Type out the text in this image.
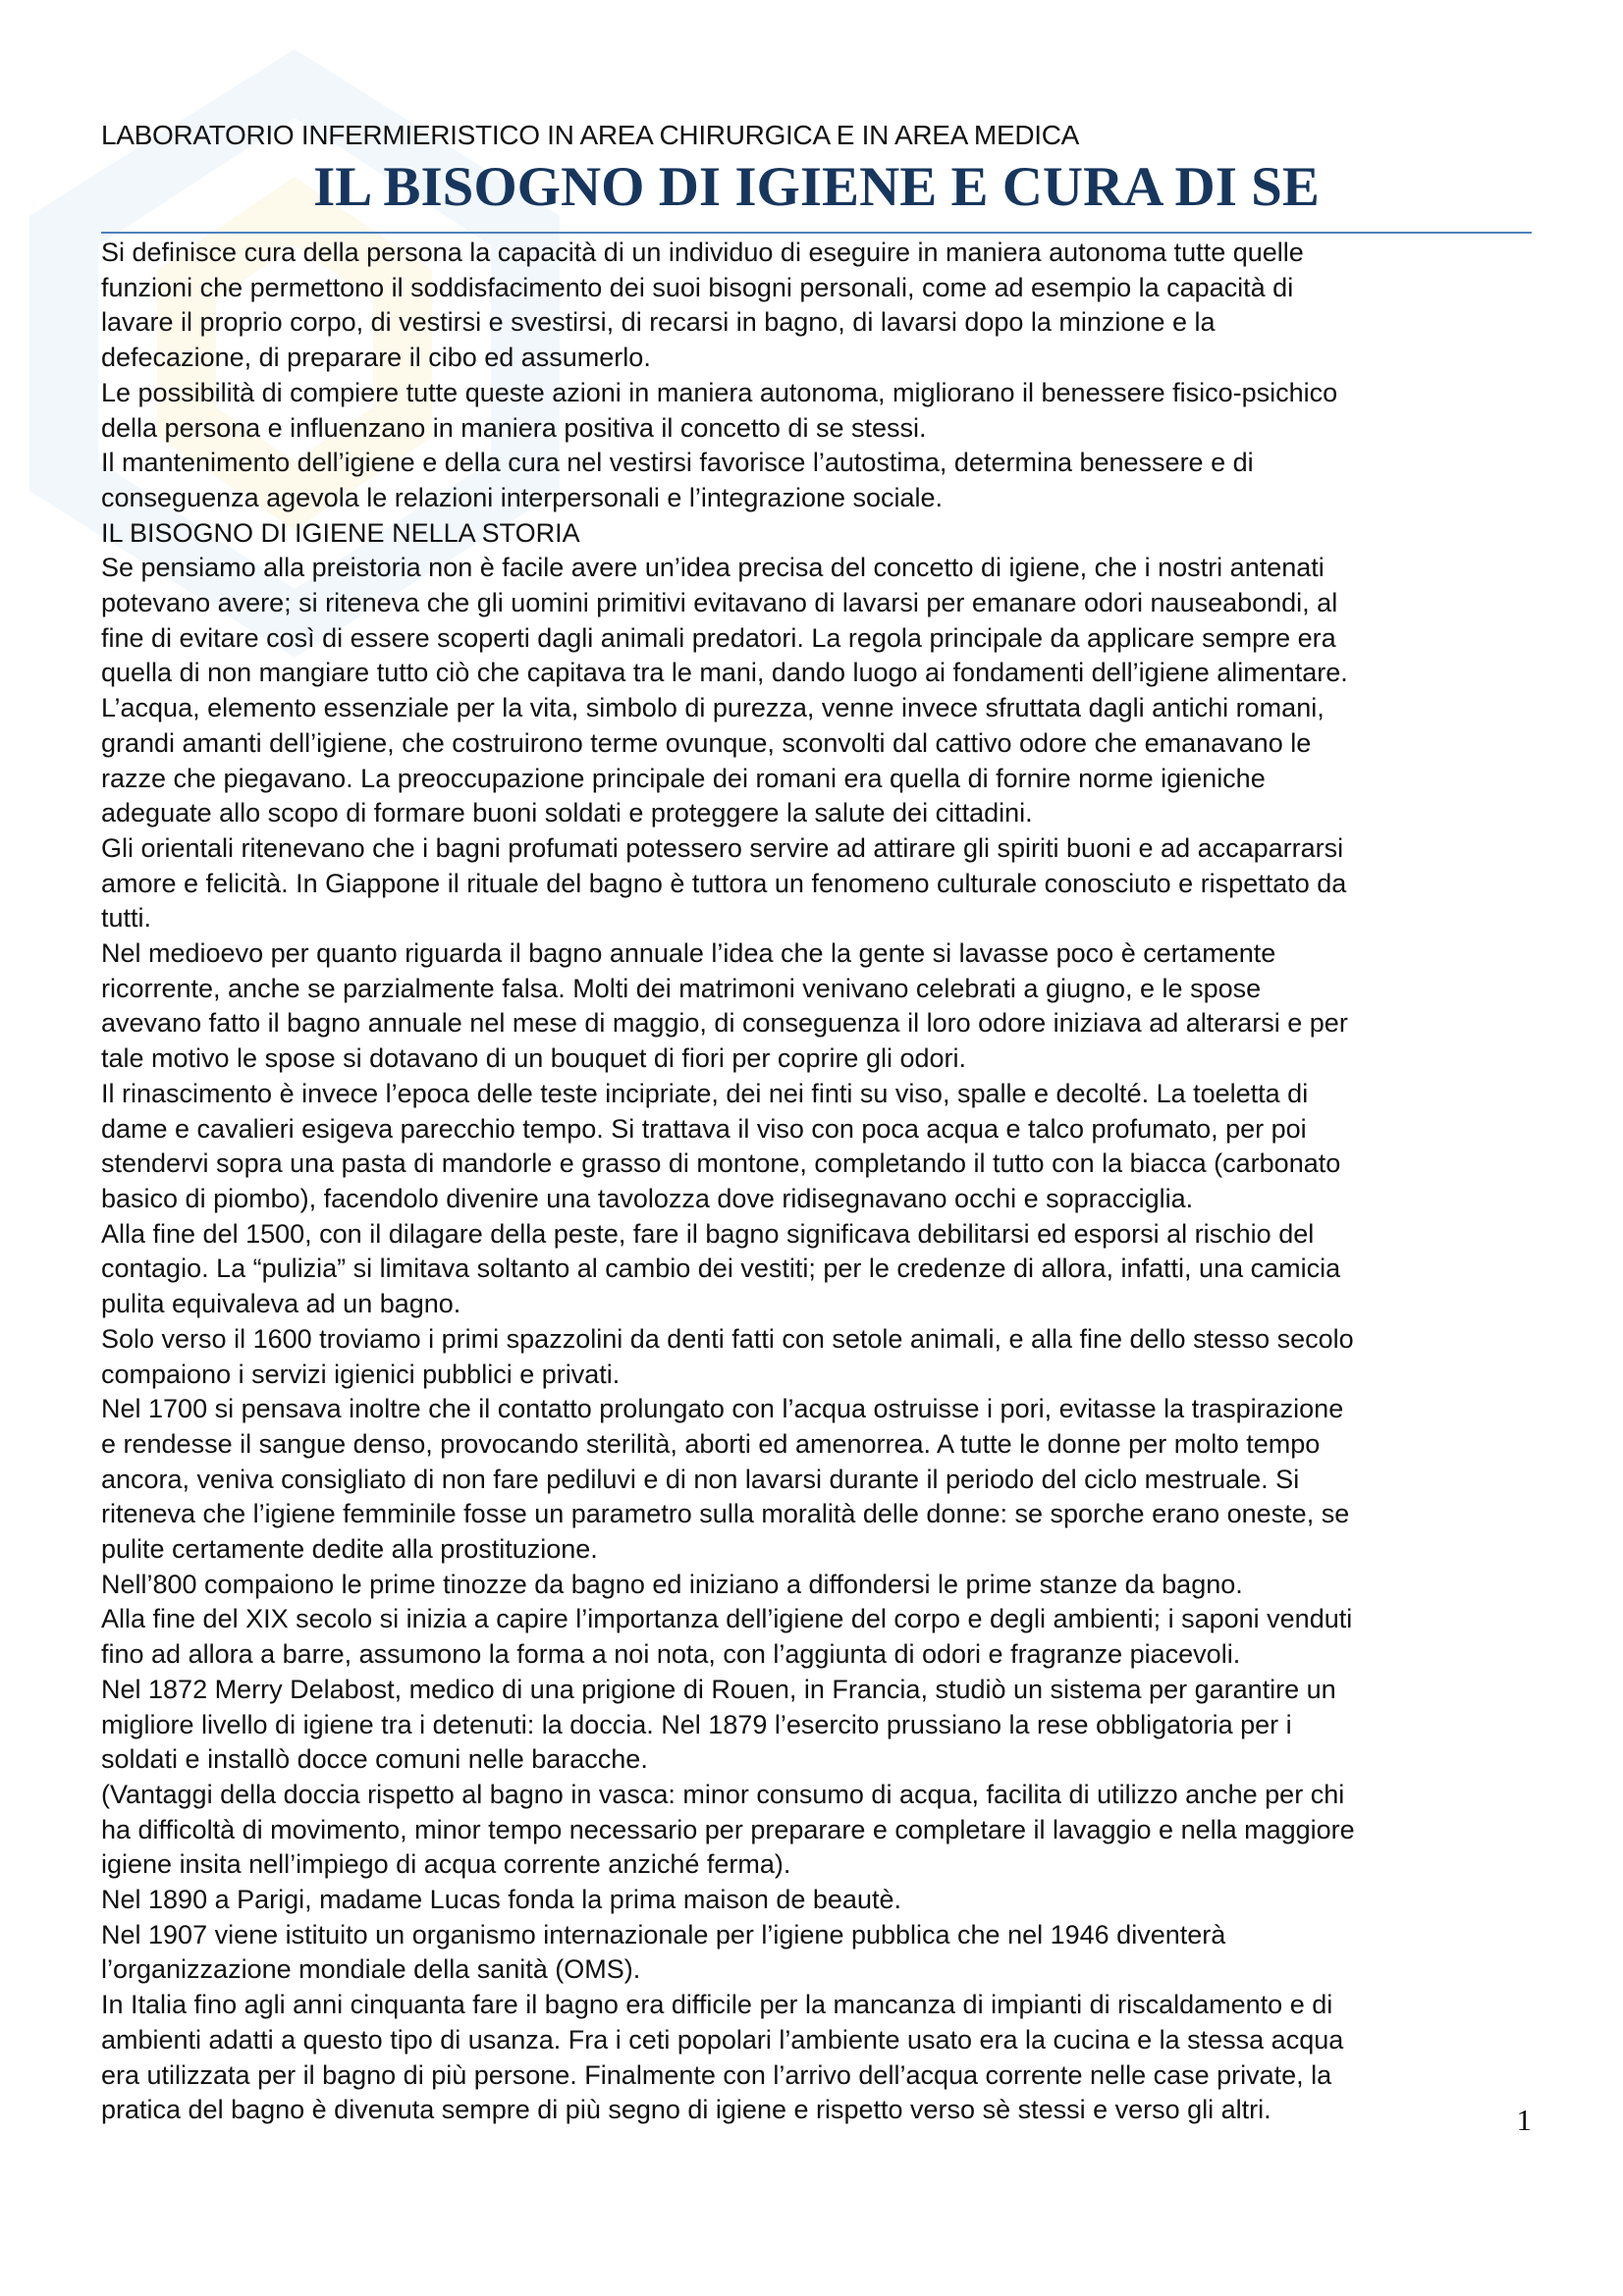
LABORATORIO INFERMIERISTICO IN AREA CHIRURGICA E IN AREA MEDICA
IL BISOGNO DI IGIENE E CURA DI SE

Si definisce cura della persona la capacità di un individuo di eseguire in maniera autonoma tutte quelle

funzioni che permettono il soddisfacimento dei suoi bisogni personali, come ad esempio la capacità di

lavare il proprio corpo, di vestirsi e svestirsi, di recarsi in bagno, di lavarsi dopo la minzione e la

defecazione, di preparare il cibo ed assumerlo.

Le possibilità di compiere tutte queste azioni in maniera autonoma, migliorano il benessere fisico-psichico

della persona e influenzano in maniera positiva il concetto di se stessi.

Il mantenimento dell’igiene e della cura nel vestirsi favorisce l’autostima, determina benessere e di

conseguenza agevola le relazioni interpersonali e l’integrazione sociale.

IL BISOGNO DI IGIENE NELLA STORIA

Se pensiamo alla preistoria non è facile avere un’idea precisa del concetto di igiene, che i nostri antenati

potevano avere; si riteneva che gli uomini primitivi evitavano di lavarsi per emanare odori nauseabondi, al

fine di evitare così di essere scoperti dagli animali predatori. La regola principale da applicare sempre era

quella di non mangiare tutto ciò che capitava tra le mani, dando luogo ai fondamenti dell’igiene alimentare.

L’acqua, elemento essenziale per la vita, simbolo di purezza, venne invece sfruttata dagli antichi romani,

grandi amanti dell’igiene, che costruirono terme ovunque, sconvolti dal cattivo odore che emanavano le

razze che piegavano. La preoccupazione principale dei romani era quella di fornire norme igieniche

adeguate allo scopo di formare buoni soldati e proteggere la salute dei cittadini.

Gli orientali ritenevano che i bagni profumati potessero servire ad attirare gli spiriti buoni e ad accaparrarsi

amore e felicità. In Giappone il rituale del bagno è tuttora un fenomeno culturale conosciuto e rispettato da

tutti.

Nel medioevo per quanto riguarda il bagno annuale l’idea che la gente si lavasse poco è certamente

ricorrente, anche se parzialmente falsa. Molti dei matrimoni venivano celebrati a giugno, e le spose

avevano fatto il bagno annuale nel mese di maggio, di conseguenza il loro odore iniziava ad alterarsi e per

tale motivo le spose si dotavano di un bouquet di fiori per coprire gli odori.

Il rinascimento è invece l’epoca delle teste incipriate, dei nei finti su viso, spalle e decolté. La toeletta di

dame e cavalieri esigeva parecchio tempo. Si trattava il viso con poca acqua e talco profumato, per poi

stendervi sopra una pasta di mandorle e grasso di montone, completando il tutto con la biacca (carbonato

basico di piombo), facendolo divenire una tavolozza dove ridisegnavano occhi e sopracciglia.

Alla fine del 1500, con il dilagare della peste, fare il bagno significava debilitarsi ed esporsi al rischio del

contagio. La “pulizia” si limitava soltanto al cambio dei vestiti; per le credenze di allora, infatti, una camicia

pulita equivaleva ad un bagno.

Solo verso il 1600 troviamo i primi spazzolini da denti fatti con setole animali, e alla fine dello stesso secolo

compaiono i servizi igienici pubblici e privati.

Nel 1700 si pensava inoltre che il contatto prolungato con l’acqua ostruisse i pori, evitasse la traspirazione

e rendesse il sangue denso, provocando sterilità, aborti ed amenorrea. A tutte le donne per molto tempo

ancora, veniva consigliato di non fare pediluvi e di non lavarsi durante il periodo del ciclo mestruale. Si

riteneva che l’igiene femminile fosse un parametro sulla moralità delle donne: se sporche erano oneste, se

pulite certamente dedite alla prostituzione.

Nell’800 compaiono le prime tinozze da bagno ed iniziano a diffondersi le prime stanze da bagno.

Alla fine del XIX secolo si inizia a capire l’importanza dell’igiene del corpo e degli ambienti; i saponi venduti

fino ad allora a barre, assumono la forma a noi nota, con l’aggiunta di odori e fragranze piacevoli.

Nel 1872 Merry Delabost, medico di una prigione di Rouen, in Francia, studiò un sistema per garantire un

migliore livello di igiene tra i detenuti: la doccia. Nel 1879 l’esercito prussiano la rese obbligatoria per i

soldati e installò docce comuni nelle baracche.

(Vantaggi della doccia rispetto al bagno in vasca: minor consumo di acqua, facilita di utilizzo anche per chi

ha difficoltà di movimento, minor tempo necessario per preparare e completare il lavaggio e nella maggiore

igiene insita nell’impiego di acqua corrente anziché ferma).

Nel 1890 a Parigi, madame Lucas fonda la prima maison de beautè.

Nel 1907 viene istituito un organismo internazionale per l’igiene pubblica che nel 1946 diventerà

l’organizzazione mondiale della sanità (OMS).

In Italia fino agli anni cinquanta fare il bagno era difficile per la mancanza di impianti di riscaldamento e di

ambienti adatti a questo tipo di usanza. Fra i ceti popolari l’ambiente usato era la cucina e la stessa acqua

era utilizzata per il bagno di più persone. Finalmente con l’arrivo dell’acqua corrente nelle case private, la

pratica del bagno è divenuta sempre di più segno di igiene e rispetto verso sè stessi e verso gli altri.	1
